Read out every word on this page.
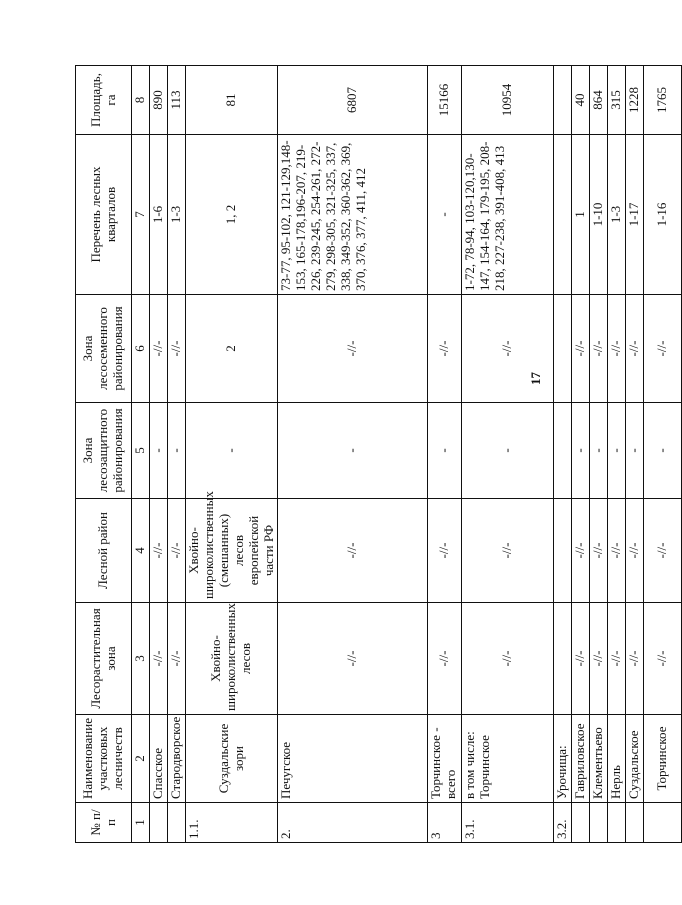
№ п/п	Наименование участковых лесничеств	Лесорастительная зона	Лесной район	Зона лесозащитного районирования	Зона лесосеменного районирования	Перечень лесных кварталов	Площадь, га
1	2	3	4	5	6	7	8
	Спасское	-//-	-//-	-	-//-	1-6	890
	Стародворское	-//-	-//-	-	-//-	1-3	113
1.1.	Суздальские зори	Хвойно-широколиственных лесов	Хвойно-широколиственных (смешанных) лесов европейской части РФ	-	2	1, 2	81
2.	Печугское	-//-	-//-	-	-//-	73-77, 95-102, 121-129,148-153, 165-178,196-207, 219-226, 239-245, 254-261, 272-279, 298-305, 321-325, 337, 338, 349-352, 360-362, 369, 370, 376, 377, 411, 412	6807
3	Торчинское - всего	-//-	-//-	-	-//-	-	15166
3.1.	в том числе: Торчинское	-//-	-//-	-	-//-	1-72, 78-94, 103-120,130-147, 154-164, 179-195, 208-218, 227-238, 391-408, 413	10954
3.2.	Урочища:						
	Гавриловское	-//-	-//-	-	-//-	1	40
	Клементьево	-//-	-//-	-	-//-	1-10	864
	Нерль	-//-	-//-	-	-//-	1-3	315
	Суздальское	-//-	-//-	-	-//-	1-17	1228
	Торчинское	-//-	-//-	-	-//-	1-16	1765
17
